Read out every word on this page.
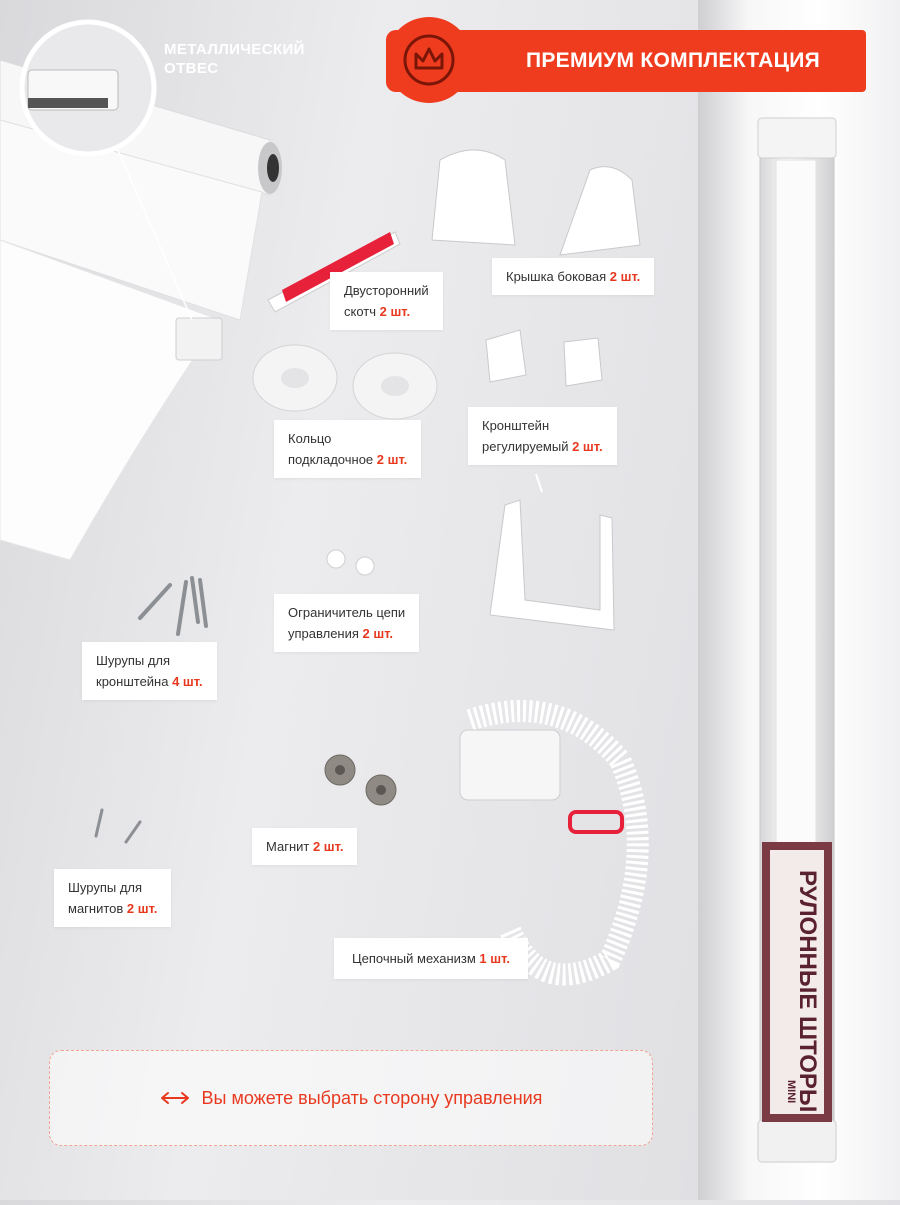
РУЛОННЫЕ ШТОРЫ
MINI
МЕТАЛЛИЧЕСКИЙ
ОТВЕС	ПРЕМИУМ КОМПЛЕКТАЦИЯ
Крышка боковая 2 шт.
Двусторонний
скотч 2 шт.
Кольцо
подкладочное 2 шт.
Кронштейн
регулируемый 2 шт.
Ограничитель цепи
управления 2 шт.
Шурупы для
кронштейна 4 шт.
Магнит 2 шт.
Шурупы для
магнитов 2 шт.
Цепочный механизм 1 шт.
Вы можете выбрать сторону управления
